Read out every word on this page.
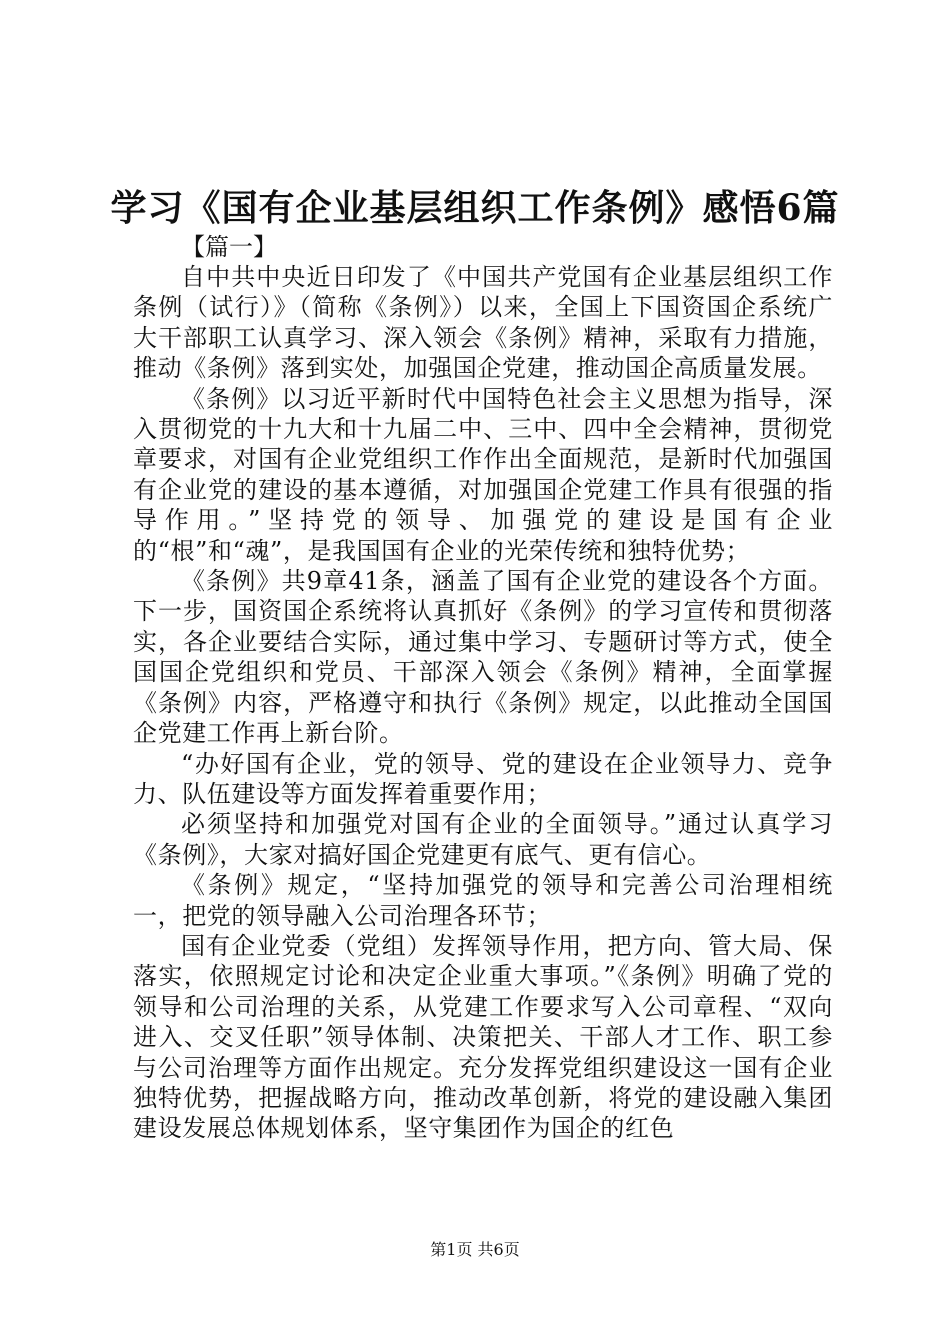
学习《国有企业基层组织工作条例》感悟6篇

【篇一】

自中共中央近日印发了《中国共产党国有企业基层组织工作条例（试行）》（简称《条例》）以来，全国上下国资国企系统广大干部职工认真学习、深入领会《条例》精神，采取有力措施，推动《条例》落到实处，加强国企党建，推动国企高质量发展。

《条例》以习近平新时代中国特色社会主义思想为指导，深入贯彻党的十九大和十九届二中、三中、四中全会精神，贯彻党章要求，对国有企业党组织工作作出全面规范，是新时代加强国有企业党的建设的基本遵循，对加强国企党建工作具有很强的指导作用。”坚持党的领导、加强党的建设是国有企业的“根”和“魂”，是我国国有企业的光荣传统和独特优势；

《条例》共9章41条，涵盖了国有企业党的建设各个方面。下一步，国资国企系统将认真抓好《条例》的学习宣传和贯彻落实，各企业要结合实际，通过集中学习、专题研讨等方式，使全国国企党组织和党员、干部深入领会《条例》精神，全面掌握《条例》内容，严格遵守和执行《条例》规定，以此推动全国国企党建工作再上新台阶。

“办好国有企业，党的领导、党的建设在企业领导力、竞争力、队伍建设等方面发挥着重要作用；

必须坚持和加强党对国有企业的全面领导。”通过认真学习《条例》，大家对搞好国企党建更有底气、更有信心。

《条例》规定，“坚持加强党的领导和完善公司治理相统一，把党的领导融入公司治理各环节；

国有企业党委（党组）发挥领导作用，把方向、管大局、保落实，依照规定讨论和决定企业重大事项。”《条例》明确了党的领导和公司治理的关系，从党建工作要求写入公司章程、“双向进入、交叉任职”领导体制、决策把关、干部人才工作、职工参与公司治理等方面作出规定。充分发挥党组织建设这一国有企业独特优势，把握战略方向，推动改革创新，将党的建设融入集团建设发展总体规划体系，坚守集团作为国企的红色

第1页 共6页
